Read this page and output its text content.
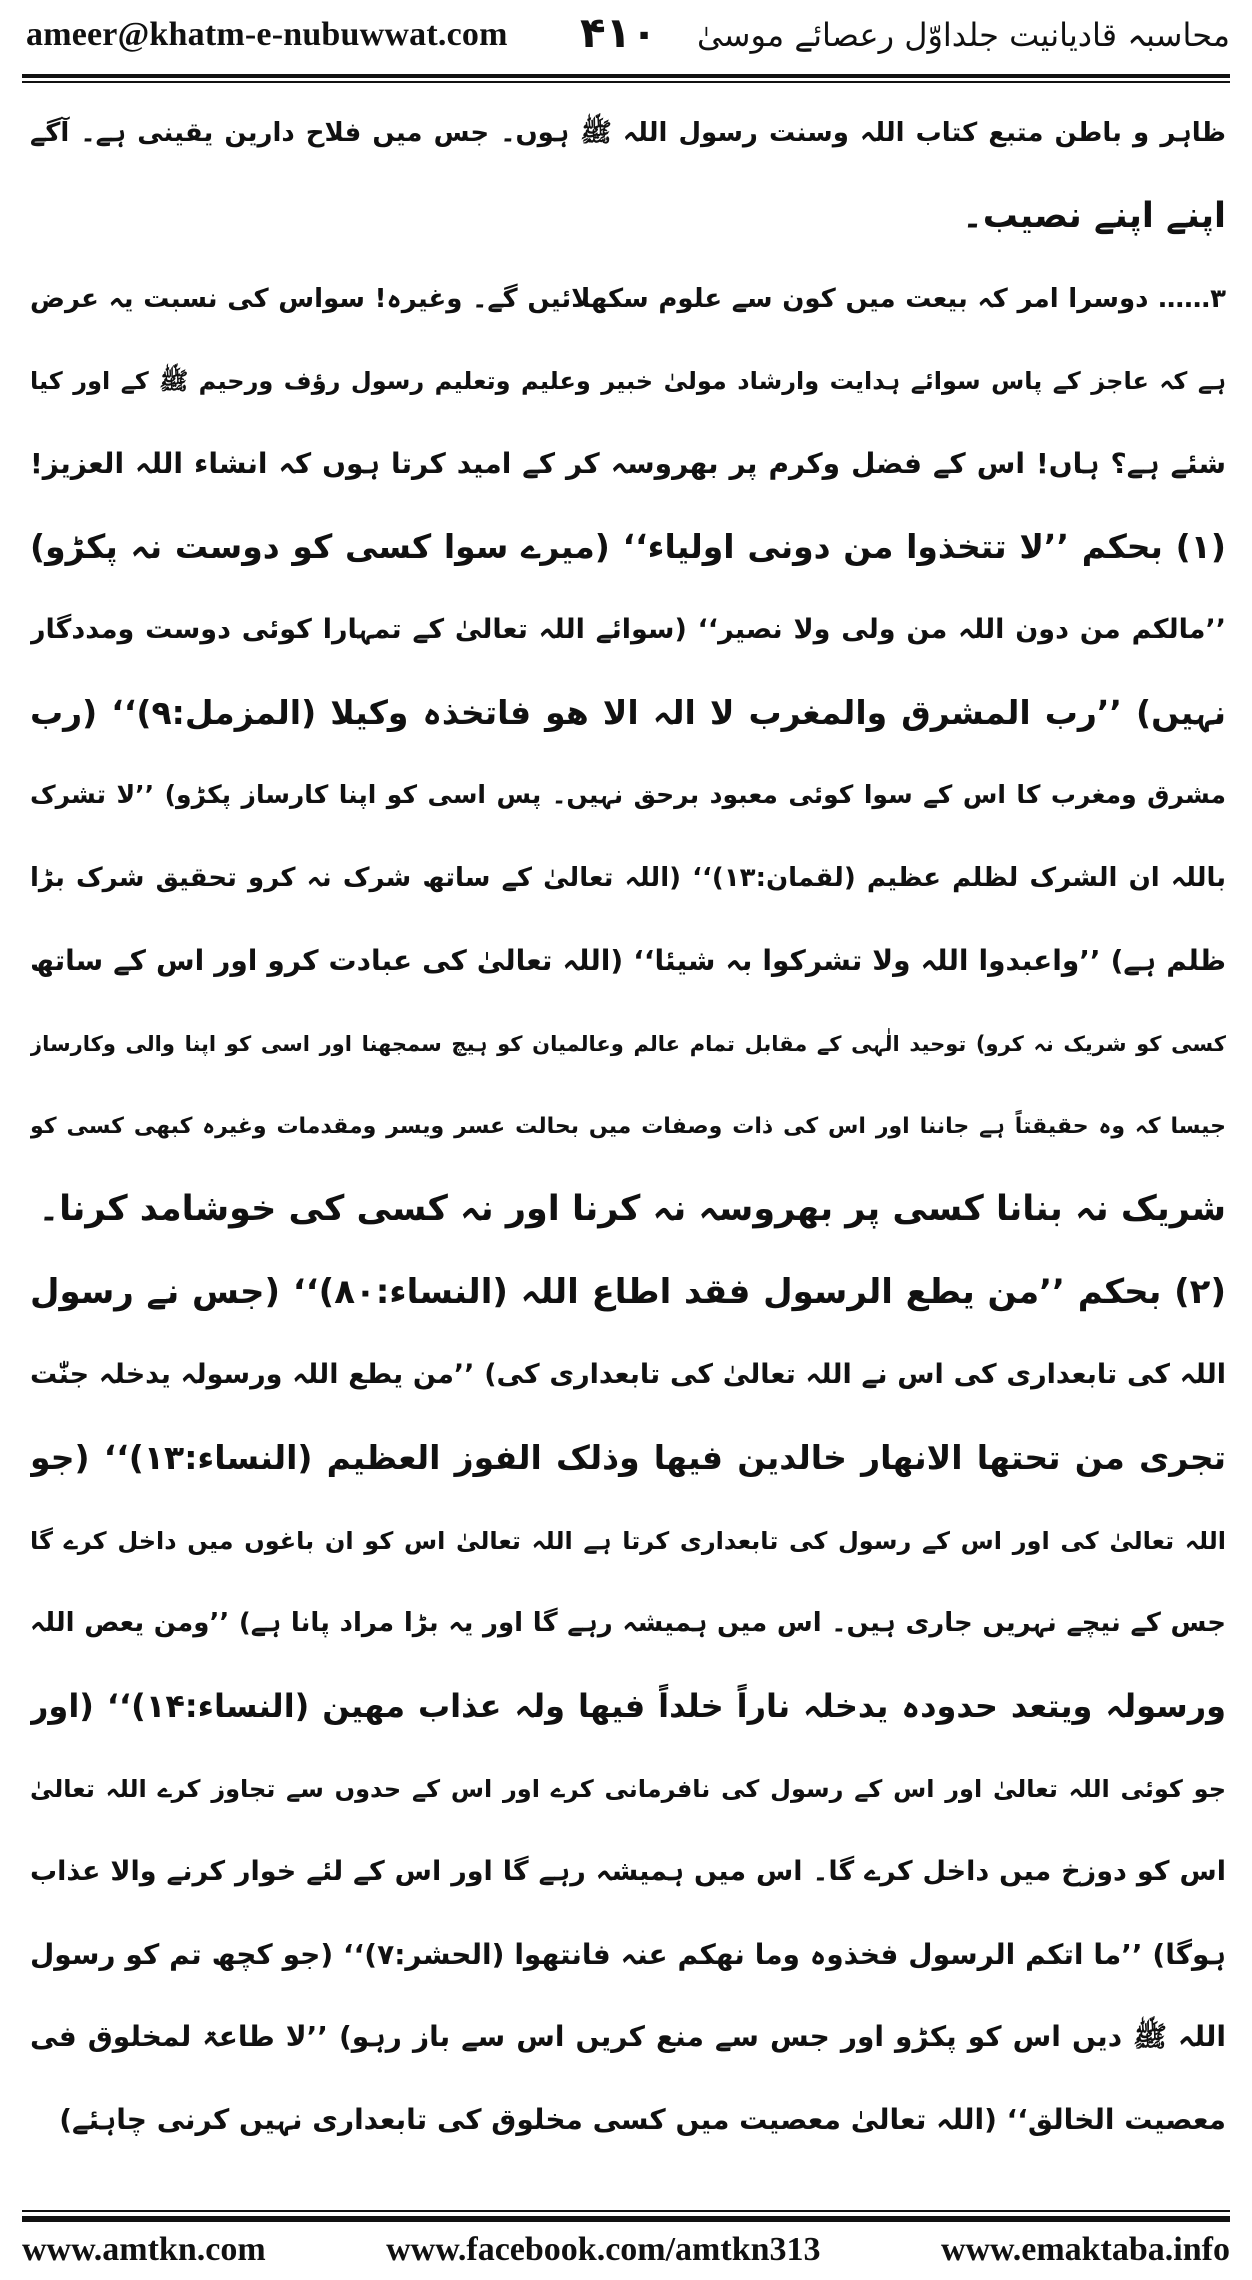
ameer@khatm-e-nubuwwat.com ۴۱۰ محاسبہ قادیانیت جلداوّل رعصائے موسیٰ
ظاہر و باطن متبع کتاب اللہ وسنت رسول اللہ ﷺ ہوں۔ جس میں فلاح دارین یقینی ہے۔ آگے
اپنے اپنے نصیب۔
۳…… دوسرا امر کہ بیعت میں کون سے علوم سکھلائیں گے۔ وغیرہ! سواس کی نسبت یہ عرض
ہے کہ عاجز کے پاس سوائے ہدایت وارشاد مولیٰ خبیر وعلیم وتعلیم رسول رؤف ورحیم ﷺ کے اور کیا
شئے ہے؟ ہاں! اس کے فضل وکرم پر بھروسہ کر کے امید کرتا ہوں کہ انشاء اللہ العزیز!
(۱) بحکم ’’لا تتخذوا من دونی اولیاء‘‘ (میرے سوا کسی کو دوست نہ پکڑو)
’’مالکم من دون اللہ من ولی ولا نصیر‘‘ (سوائے اللہ تعالیٰ کے تمہارا کوئی دوست ومددگار
نہیں) ’’رب المشرق والمغرب لا الہ الا ھو فاتخذہ وکیلا (المزمل:۹)‘‘ (رب
مشرق ومغرب کا اس کے سوا کوئی معبود برحق نہیں۔ پس اسی کو اپنا کارساز پکڑو) ’’لا تشرک
باللہ ان الشرک لظلم عظیم (لقمان:۱۳)‘‘ (اللہ تعالیٰ کے ساتھ شرک نہ کرو تحقیق شرک بڑا
ظلم ہے) ’’واعبدوا اللہ ولا تشرکوا بہ شیئا‘‘ (اللہ تعالیٰ کی عبادت کرو اور اس کے ساتھ
کسی کو شریک نہ کرو) توحید الٰہی کے مقابل تمام عالم وعالمیان کو ہیچ سمجھنا اور اسی کو اپنا والی وکارساز
جیسا کہ وہ حقیقتاً ہے جاننا اور اس کی ذات وصفات میں بحالت عسر ویسر ومقدمات وغیرہ کبھی کسی کو
شریک نہ بنانا کسی پر بھروسہ نہ کرنا اور نہ کسی کی خوشامد کرنا۔
(۲) بحکم ’’من یطع الرسول فقد اطاع اللہ (النساء:۸۰)‘‘ (جس نے رسول
اللہ کی تابعداری کی اس نے اللہ تعالیٰ کی تابعداری کی) ’’من یطع اللہ ورسولہ یدخلہ جنّٰت
تجری من تحتھا الانھار خالدین فیھا وذلک الفوز العظیم (النساء:۱۳)‘‘ (جو
اللہ تعالیٰ کی اور اس کے رسول کی تابعداری کرتا ہے اللہ تعالیٰ اس کو ان باغوں میں داخل کرے گا
جس کے نیچے نہریں جاری ہیں۔ اس میں ہمیشہ رہے گا اور یہ بڑا مراد پانا ہے) ’’ومن یعص اللہ
ورسولہ ویتعد حدودہ یدخلہ ناراً خلداً فیھا ولہ عذاب مھین (النساء:۱۴)‘‘ (اور
جو کوئی اللہ تعالیٰ اور اس کے رسول کی نافرمانی کرے اور اس کے حدوں سے تجاوز کرے اللہ تعالیٰ
اس کو دوزخ میں داخل کرے گا۔ اس میں ہمیشہ رہے گا اور اس کے لئے خوار کرنے والا عذاب
ہوگا) ’’ما اتکم الرسول فخذوہ وما نھکم عنہ فانتھوا (الحشر:۷)‘‘ (جو کچھ تم کو رسول
اللہ ﷺ دیں اس کو پکڑو اور جس سے منع کریں اس سے باز رہو) ’’لا طاعۃ لمخلوق فی
معصیت الخالق‘‘ (اللہ تعالیٰ معصیت میں کسی مخلوق کی تابعداری نہیں کرنی چاہئے)
www.amtkn.com	www.facebook.com/amtkn313	www.emaktaba.info
